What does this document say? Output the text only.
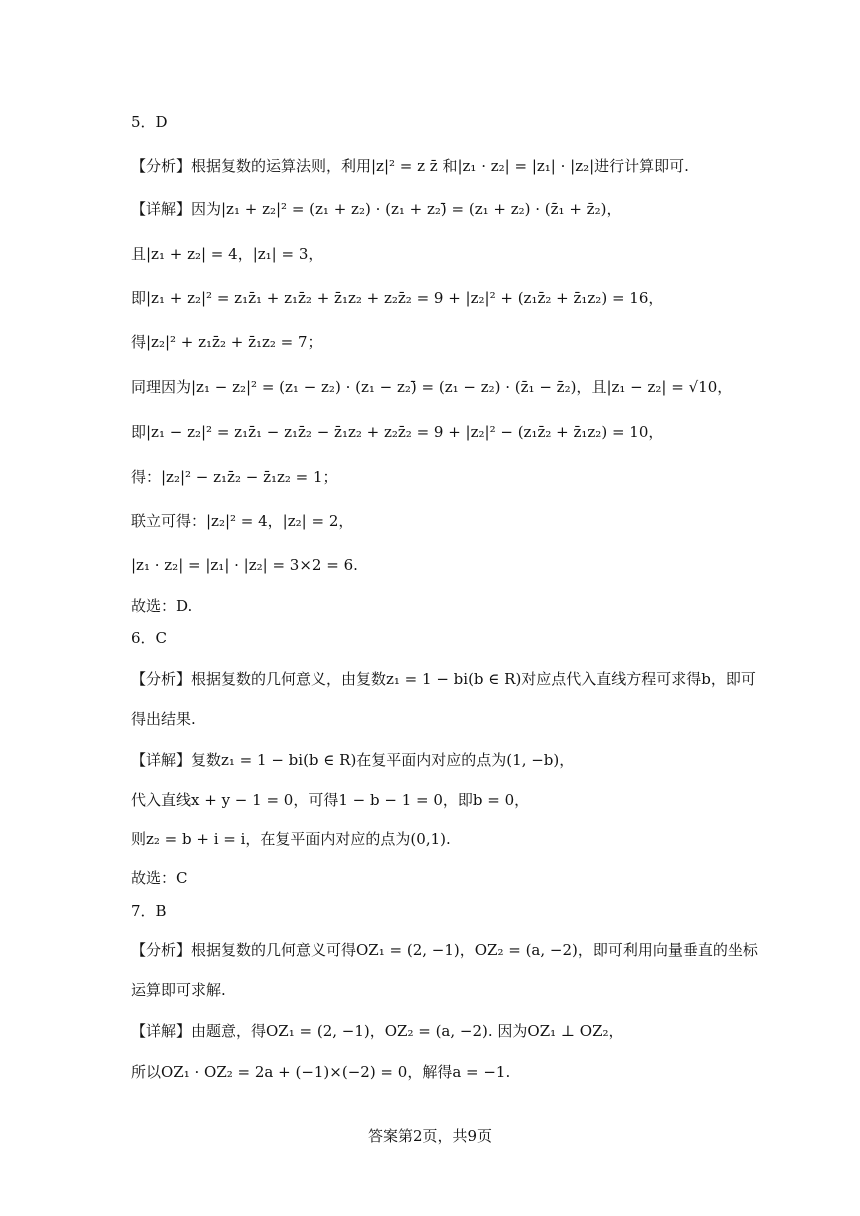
5．D
【分析】根据复数的运算法则，利用|z|² = z z̄ 和|z₁ · z₂| = |z₁| · |z₂|进行计算即可.
【详解】因为|z₁ + z₂|² = (z₁ + z₂) · (z₁ + z₂)̄ = (z₁ + z₂) · (z̄₁ + z̄₂)，
且|z₁ + z₂| = 4，|z₁| = 3，
即|z₁ + z₂|² = z₁z̄₁ + z₁z̄₂ + z̄₁z₂ + z₂z̄₂ = 9 + |z₂|² + (z₁z̄₂ + z̄₁z₂) = 16，
得|z₂|² + z₁z̄₂ + z̄₁z₂ = 7；
同理因为|z₁ − z₂|² = (z₁ − z₂) · (z₁ − z₂)̄ = (z₁ − z₂) · (z̄₁ − z̄₂)，且|z₁ − z₂| = √10，
即|z₁ − z₂|² = z₁z̄₁ − z₁z̄₂ − z̄₁z₂ + z₂z̄₂ = 9 + |z₂|² − (z₁z̄₂ + z̄₁z₂) = 10，
得：|z₂|² − z₁z̄₂ − z̄₁z₂ = 1；
联立可得：|z₂|² = 4，|z₂| = 2，
|z₁ · z₂| = |z₁| · |z₂| = 3×2 = 6.
故选：D.
6．C
【分析】根据复数的几何意义，由复数z₁ = 1 − bi(b ∈ R)对应点代入直线方程可求得b，即可
得出结果.
【详解】复数z₁ = 1 − bi(b ∈ R)在复平面内对应的点为(1, −b)，
代入直线x + y − 1 = 0，可得1 − b − 1 = 0，即b = 0，
则z₂ = b + i = i，在复平面内对应的点为(0,1).
故选：C
7．B
【分析】根据复数的几何意义可得OZ₁ = (2, −1)，OZ₂ = (a, −2)，即可利用向量垂直的坐标
运算即可求解.
【详解】由题意，得OZ₁ = (2, −1)，OZ₂ = (a, −2). 因为OZ₁ ⊥ OZ₂，
所以OZ₁ · OZ₂ = 2a + (−1)×(−2) = 0，解得a = −1.
答案第2页，共9页
